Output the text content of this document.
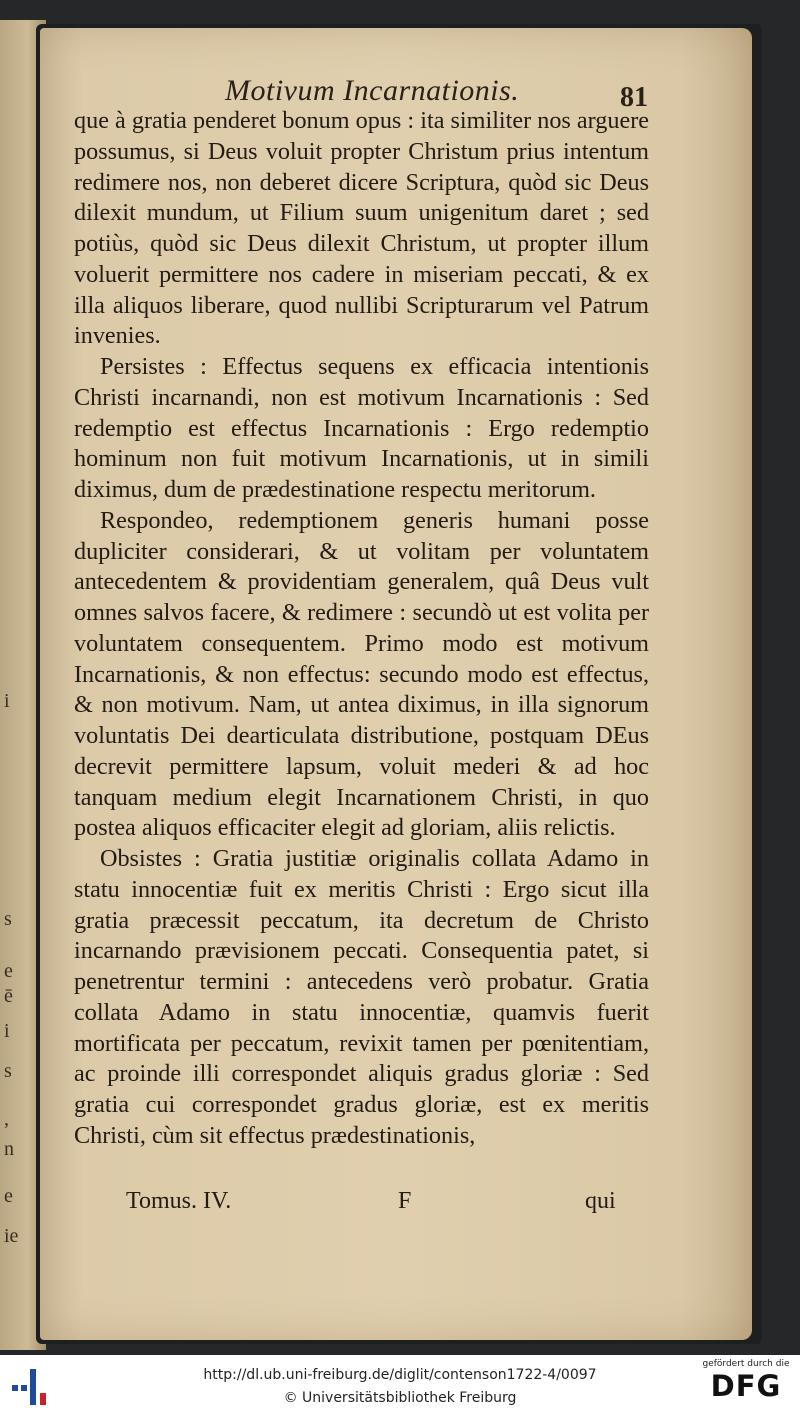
i
s
e
ē
i
s
,
n
e
ie
Motivum Incarnationis.	81

que à gratia penderet bonum opus : ita similiter nos arguere possumus, si Deus voluit propter Christum prius intentum redimere nos, non deberet dicere Scriptura, quòd sic Deus dilexit mundum, ut Filium suum unigenitum daret ; sed potiùs, quòd sic Deus dilexit Christum, ut propter illum voluerit permittere nos cadere in miseriam peccati, & ex illa aliquos liberare, quod nullibi Scripturarum vel Patrum invenies.

Persistes : Effectus sequens ex efficacia intentionis Christi incarnandi, non est motivum Incarnationis : Sed redemptio est effectus Incarnationis : Ergo redemptio hominum non fuit motivum Incarnationis, ut in simili diximus, dum de prædestinatione respectu meritorum.

Respondeo, redemptionem generis humani posse dupliciter considerari, & ut volitam per voluntatem antecedentem & providentiam generalem, quâ Deus vult omnes salvos facere, & redimere : secundò ut est volita per voluntatem consequentem. Primo modo est motivum Incarnationis, & non effectus: secundo modo est effectus, & non motivum. Nam, ut antea diximus, in illa signorum voluntatis Dei dearticulata distributione, postquam DEus decrevit permittere lapsum, voluit mederi & ad hoc tanquam medium elegit Incarnationem Christi, in quo postea aliquos efficaciter elegit ad gloriam, aliis relictis.

Obsistes : Gratia justitiæ originalis collata Adamo in statu innocentiæ fuit ex meritis Christi : Ergo sicut illa gratia præcessit peccatum, ita decretum de Christo incarnando prævisionem peccati. Consequentia patet, si penetrentur termini : antecedens verò probatur. Gratia collata Adamo in statu innocentiæ, quamvis fuerit mortificata per peccatum, revixit tamen per pœnitentiam, ac proinde illi correspondet aliquis gradus gloriæ : Sed gratia cui correspondet gradus gloriæ, est ex meritis Christi, cùm sit effectus prædestinationis,

Tomus. IV.	F	qui
http://dl.ub.uni-freiburg.de/diglit/contenson1722-4/0097
© Universitätsbibliothek Freiburg
gefördert durch die
DFG
